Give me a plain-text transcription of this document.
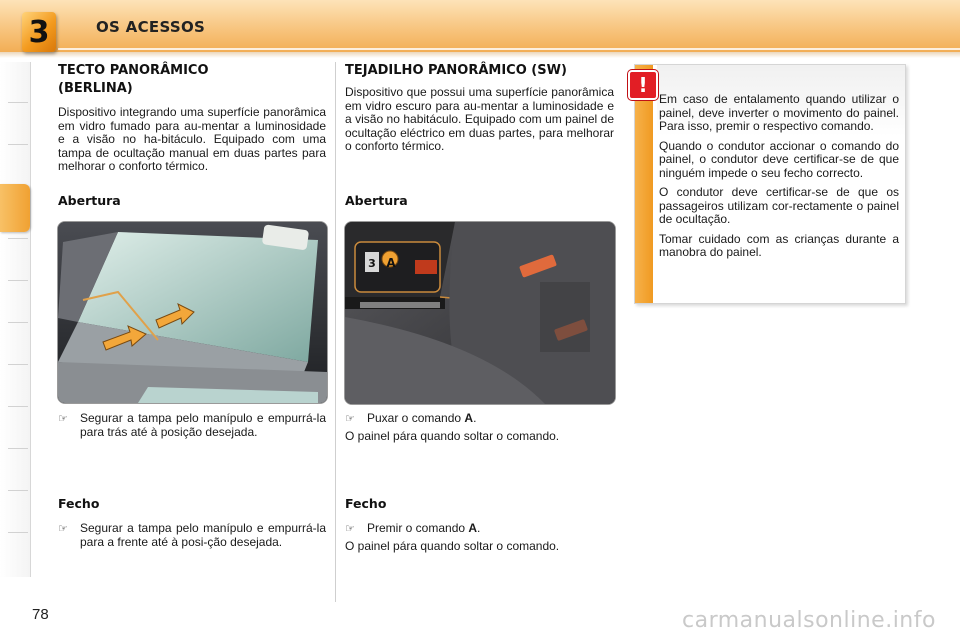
3	OS ACESSOS
TECTO PANORÂMICO (BERLINA)

Dispositivo integrando uma superfície panorâmica em vidro fumado para au-mentar a luminosidade e a visão no ha-bitáculo. Equipado com uma tampa de ocultação manual em duas partes para melhorar o conforto térmico.

Abertura
☞	Segurar a tampa pelo manípulo e empurrá-la para trás até à posição desejada.
Fecho
☞	Segurar a tampa pelo manípulo e empurrá-la para a frente até à posi-ção desejada.
TEJADILHO PANORÂMICO (SW)

Dispositivo que possui uma superfície panorâmica em vidro escuro para au-mentar a luminosidade e a visão no habitáculo. Equipado com um painel de ocultação eléctrico em duas partes, para melhorar o conforto térmico.

Abertura
A
3
☞	Puxar o comando A.

O painel pára quando soltar o comando.

Fecho
☞	Premir o comando A.

O painel pára quando soltar o comando.

Em caso de entalamento quando utilizar o painel, deve inverter o movimento do painel. Para isso, premir o respectivo comando.

Quando o condutor accionar o comando do painel, o condutor deve certificar-se de que ninguém impede o seu fecho correcto.

O condutor deve certificar-se de que os passageiros utilizam cor-rectamente o painel de ocultação.

Tomar cuidado com as crianças durante a manobra do painel.

!
78	carmanualsonline.info
